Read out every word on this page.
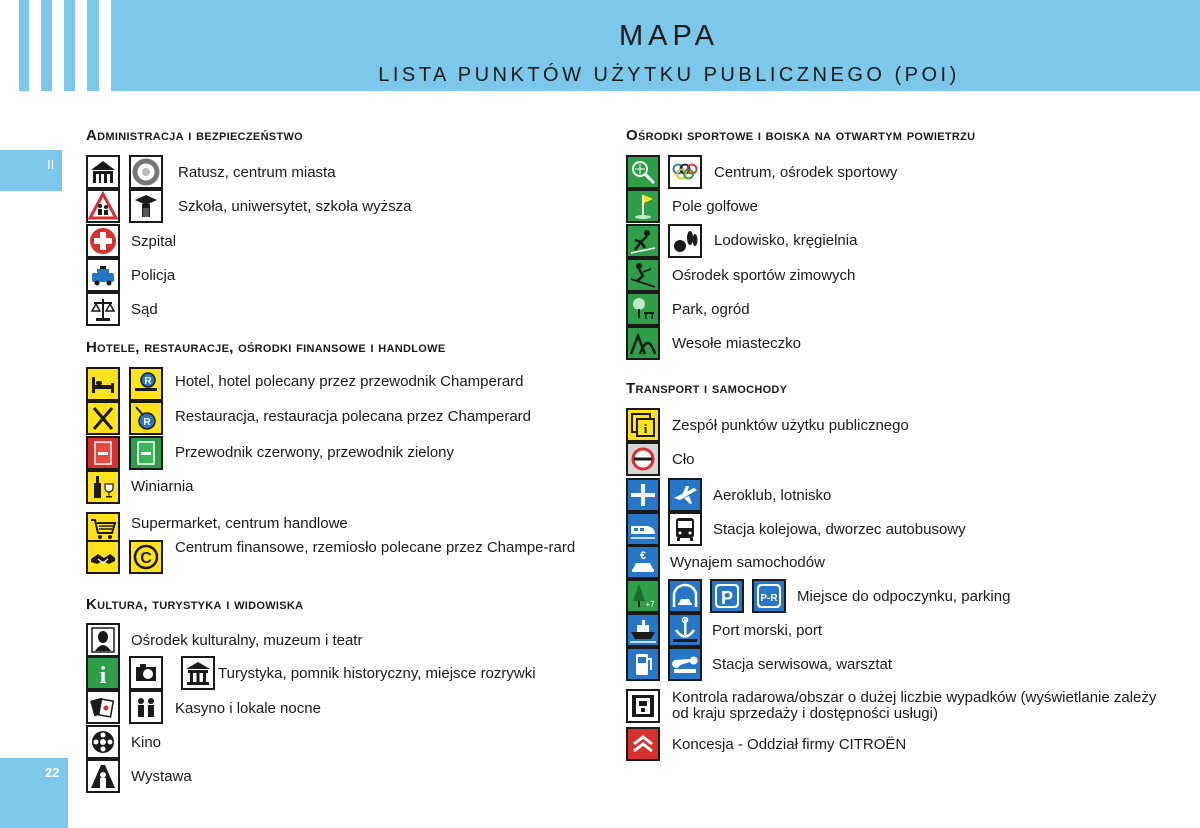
MAPA
LISTA PUNKTÓW UŻYTKU PUBLICZNEGO (POI)
II
22
Administracja i bezpieczeństwo
Ratusz, centrum miasta
Szkoła, uniwersytet, szkoła wyższa
Szpital
Policja
Sąd
Hotele, restauracje, ośrodki finansowe i handlowe
R Hotel, hotel polecany przez przewodnik Champerard
R Restauracja, restauracja polecana przez Champerard
Przewodnik czerwony, przewodnik zielony
Winiarnia
Supermarket, centrum handlowe
C
Centrum finansowe, rzemiosło polecane przez Champe-rard
Kultura, turystyka i widowiska
Ośrodek kulturalny, muzeum i teatr
i	Turystyka, pomnik historyczny, miejsce rozrywki
Kasyno i lokale nocne
Kino
Wystawa
Ośrodki sportowe i boiska na otwartym powietrzu
Centrum, ośrodek sportowy
Pole golfowe
Lodowisko, kręgielnia
Ośrodek sportów zimowych
Park, ogród
Wesołe miasteczko
Transport i samochody
i Zespół punktów użytku publicznego
Cło
Aeroklub, lotnisko
Stacja kolejowa, dworzec autobusowy
€ Wynajem samochodów
+7	P	P-R Miejsce do odpoczynku, parking
Port morski, port
Stacja serwisowa, warsztat
Kontrola radarowa/obszar o dużej liczbie wypadków (wyświetlanie zależy od kraju sprzedaży i dostępności usługi)
Koncesja - Oddział firmy CITROËN
